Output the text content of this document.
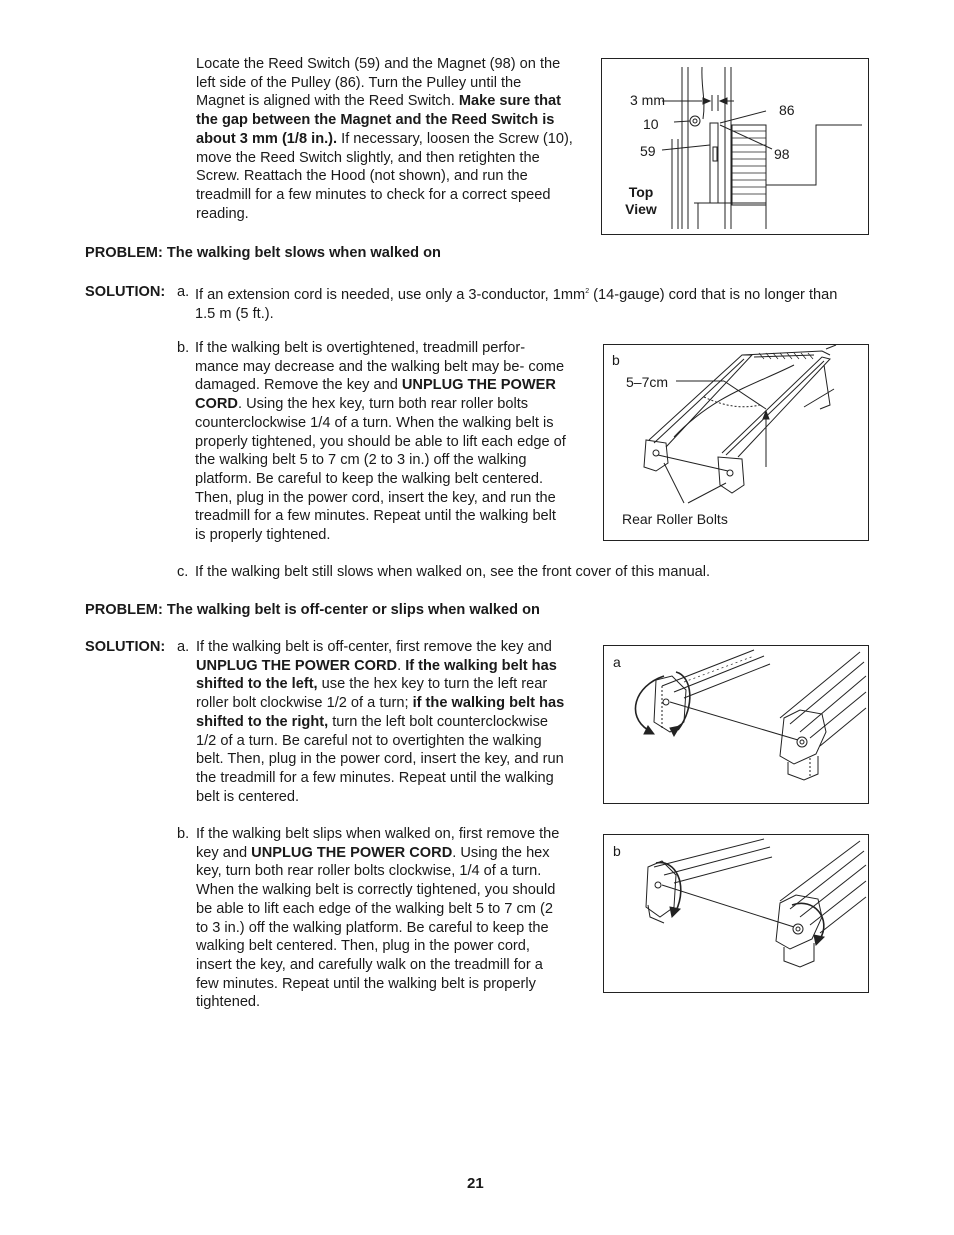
Locate the Reed Switch (59) and the Magnet (98) on the left side of the Pulley (86). Turn the Pulley until the Magnet is aligned with the Reed Switch. Make sure that the gap between the Magnet and the Reed Switch is about 3 mm (1/8 in.). If necessary, loosen the Screw (10), move the Reed Switch slightly, and then retighten the Screw. Reattach the Hood (not shown), and run the treadmill for a few minutes to check for a correct speed reading.

3 mm
10
59
86
98
Top
View
PROBLEM: The walking belt slows when walked on
SOLUTION: a. If an extension cord is needed, use only a 3-conductor, $1mm^2$ (14-gauge) cord that is no longer than 1.5 m (5 ft.).

b. If the walking belt is overtightened, treadmill perfor- mance may decrease and the walking belt may be- come damaged. Remove the key and UNPLUG THE POWER CORD. Using the hex key, turn both rear roller bolts counterclockwise 1/4 of a turn. When the walking belt is properly tightened, you should be able to lift each edge of the walking belt 5 to 7 cm (2 to 3 in.) off the walking platform. Be careful to keep the walking belt centered. Then, plug in the power cord, insert the key, and run the treadmill for a few minutes. Repeat until the walking belt is properly tightened.

b
5–7cm
Rear Roller Bolts
c. If the walking belt still slows when walked on, see the front cover of this manual.

PROBLEM: The walking belt is off-center or slips when walked on
SOLUTION: a. If the walking belt is off-center, first remove the key and UNPLUG THE POWER CORD. If the walking belt has shifted to the left, use the hex key to turn the left rear roller bolt clockwise 1/2 of a turn; if the walking belt has shifted to the right, turn the left bolt counterclockwise 1/2 of a turn. Be careful not to overtighten the walking belt. Then, plug in the power cord, insert the key, and run the treadmill for a few minutes. Repeat until the walking belt is centered.

a
b. If the walking belt slips when walked on, first remove the key and UNPLUG THE POWER CORD. Using the hex key, turn both rear roller bolts clockwise, 1/4 of a turn. When the walking belt is correctly tightened, you should be able to lift each edge of the walking belt 5 to 7 cm (2 to 3 in.) off the walking platform. Be careful to keep the walking belt centered. Then, plug in the power cord, insert the key, and carefully walk on the treadmill for a few minutes. Repeat until the walking belt is properly tightened.

b
21
